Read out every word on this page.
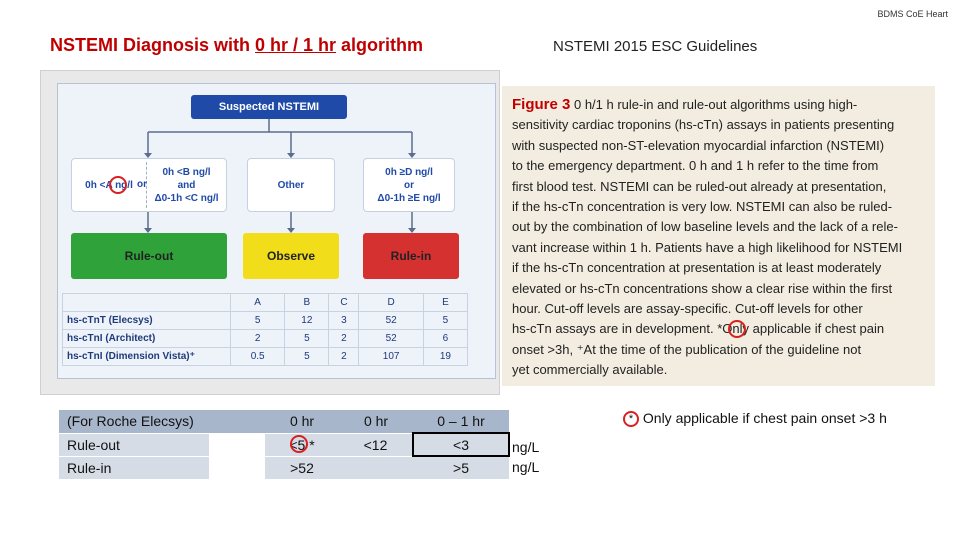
BDMS CoE Heart
NSTEMI Diagnosis with 0 hr / 1 hr algorithm	NSTEMI 2015 ESC Guidelines
Suspected NSTEMI
0h <A ng/l or
0h <B ng/l
and
Δ0-1h <C ng/l
Other
0h ≥D ng/l
or
Δ0-1h ≥E ng/l
Rule-out	Observe	Rule-in
	A	B	C	D	E
hs-cTnT (Elecsys)	5	12	3	52	5
hs-cTnI (Architect)	2	5	2	52	6
hs-cTnI (Dimension Vista)⁺	0.5	5	2	107	19
Figure 3 0 h/1 h rule-in and rule-out algorithms using high-
sensitivity cardiac troponins (hs-cTn) assays in patients presenting
with suspected non-ST-elevation myocardial infarction (NSTEMI)
to the emergency department. 0 h and 1 h refer to the time from
first blood test. NSTEMI can be ruled-out already at presentation,
if the hs-cTn concentration is very low. NSTEMI can also be ruled-
out by the combination of low baseline levels and the lack of a rele-
vant increase within 1 h. Patients have a high likelihood for NSTEMI
if the hs-cTn concentration at presentation is at least moderately
elevated or hs-cTn concentrations show a clear rise within the first
hour. Cut-off levels are assay-specific. Cut-off levels for other
hs-cTn assays are in development. *Only applicable if chest pain
onset >3h, ⁺At the time of the publication of the guideline not
yet commercially available.
(For Roche Elecsys)		0 hr	0 hr	0 – 1 hr
Rule-out		<5 *	<12	<3
Rule-in		>52		>5
ng/L
ng/L
* Only applicable if chest pain onset >3 h
